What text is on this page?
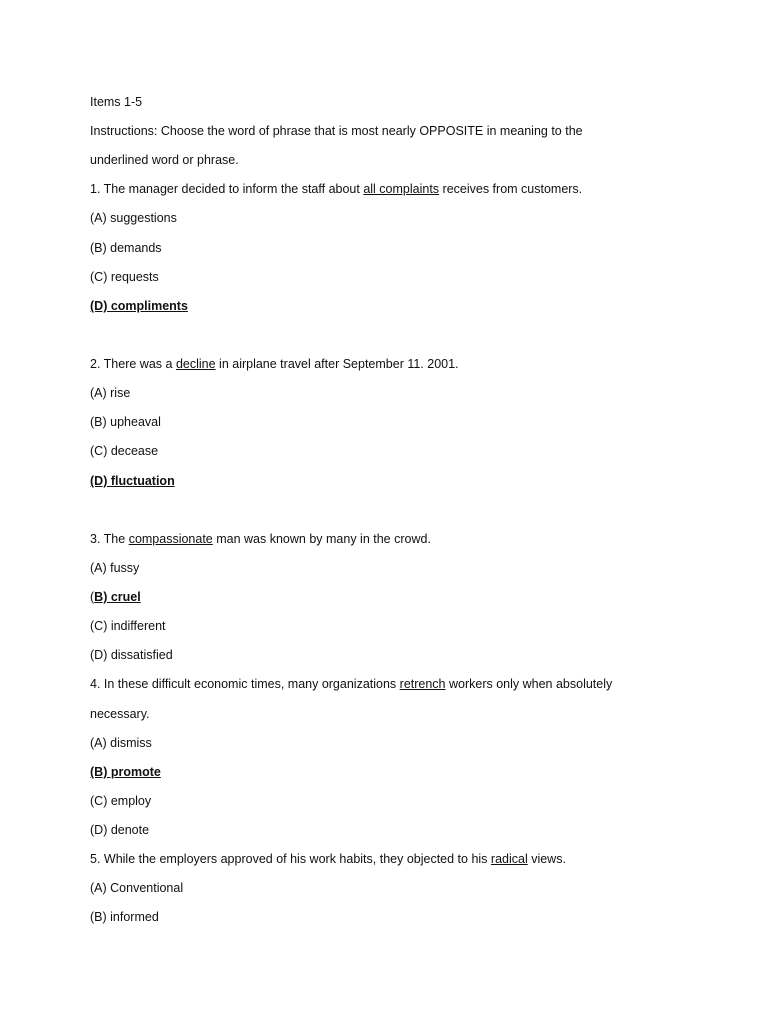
Items 1-5
Instructions: Choose the word of phrase that is most nearly OPPOSITE in meaning to the
underlined word or phrase.
1. The manager decided to inform the staff about all complaints receives from customers.
(A) suggestions
(B) demands
(C) requests
(D) compliments
2. There was a decline in airplane travel after September 11. 2001.
(A) rise
(B) upheaval
(C) decease
(D) fluctuation
3. The compassionate man was known by many in the crowd.
(A) fussy
(B) cruel
(C) indifferent
(D) dissatisfied
4. In these difficult economic times, many organizations retrench workers only when absolutely
necessary.
(A) dismiss
(B) promote
(C) employ
(D) denote
5. While the employers approved of his work habits, they objected to his radical views.
(A) Conventional
(B) informed
